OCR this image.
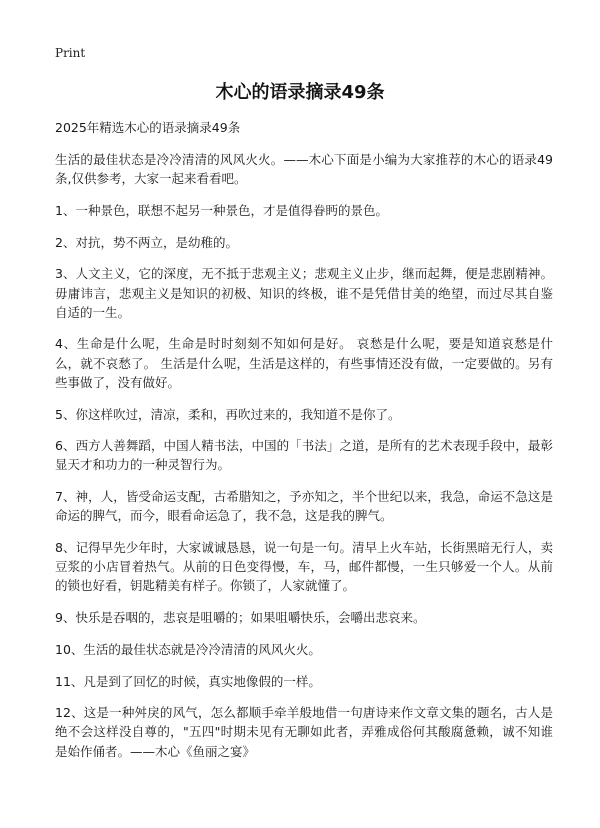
Print
木心的语录摘录49条

2025年精选木心的语录摘录49条

生活的最佳状态是冷冷清清的风风火火。——木心下面是小编为大家推荐的木心的语录49条,仅供参考，大家一起来看看吧。

1、一种景色，联想不起另一种景色，才是值得眷眄的景色。

2、对抗，势不两立，是幼稚的。

3、人文主义，它的深度，无不抵于悲观主义；悲观主义止步，继而起舞，便是悲剧精神。毋庸讳言，悲观主义是知识的初极、知识的终极，谁不是凭借甘美的绝望，而过尽其自鉴自适的一生。

4、生命是什么呢，生命是时时刻刻不知如何是好。 哀愁是什么呢，要是知道哀愁是什么，就不哀愁了。 生活是什么呢，生活是这样的，有些事情还没有做，一定要做的。另有些事做了，没有做好。

5、你这样吹过，清凉，柔和，再吹过来的，我知道不是你了。

6、西方人善舞蹈，中国人精书法，中国的「书法」之道，是所有的艺术表现手段中，最彰显天才和功力的一种灵智行为。

7、神，人，皆受命运支配，古希腊知之，予亦知之，半个世纪以来，我急，命运不急这是命运的脾气，而今，眼看命运急了，我不急，这是我的脾气。

8、记得早先少年时，大家诚诚恳恳，说一句是一句。清早上火车站，长街黑暗无行人，卖豆浆的小店冒着热气。从前的日色变得慢，车，马，邮件都慢，一生只够爱一个人。从前的锁也好看，钥匙精美有样子。你锁了，人家就懂了。

9、快乐是吞咽的，悲哀是咀嚼的；如果咀嚼快乐，会嚼出悲哀来。

10、生活的最佳状态就是冷冷清清的风风火火。

11、凡是到了回忆的时候，真实地像假的一样。

12、这是一种舛戾的风气，怎么都顺手牵羊般地借一句唐诗来作文章文集的题名，古人是绝不会这样没自尊的，"五四"时期未见有无聊如此者，弄雅成俗何其酸腐惫赖，诚不知谁是始作俑者。——木心《鱼丽之宴》
